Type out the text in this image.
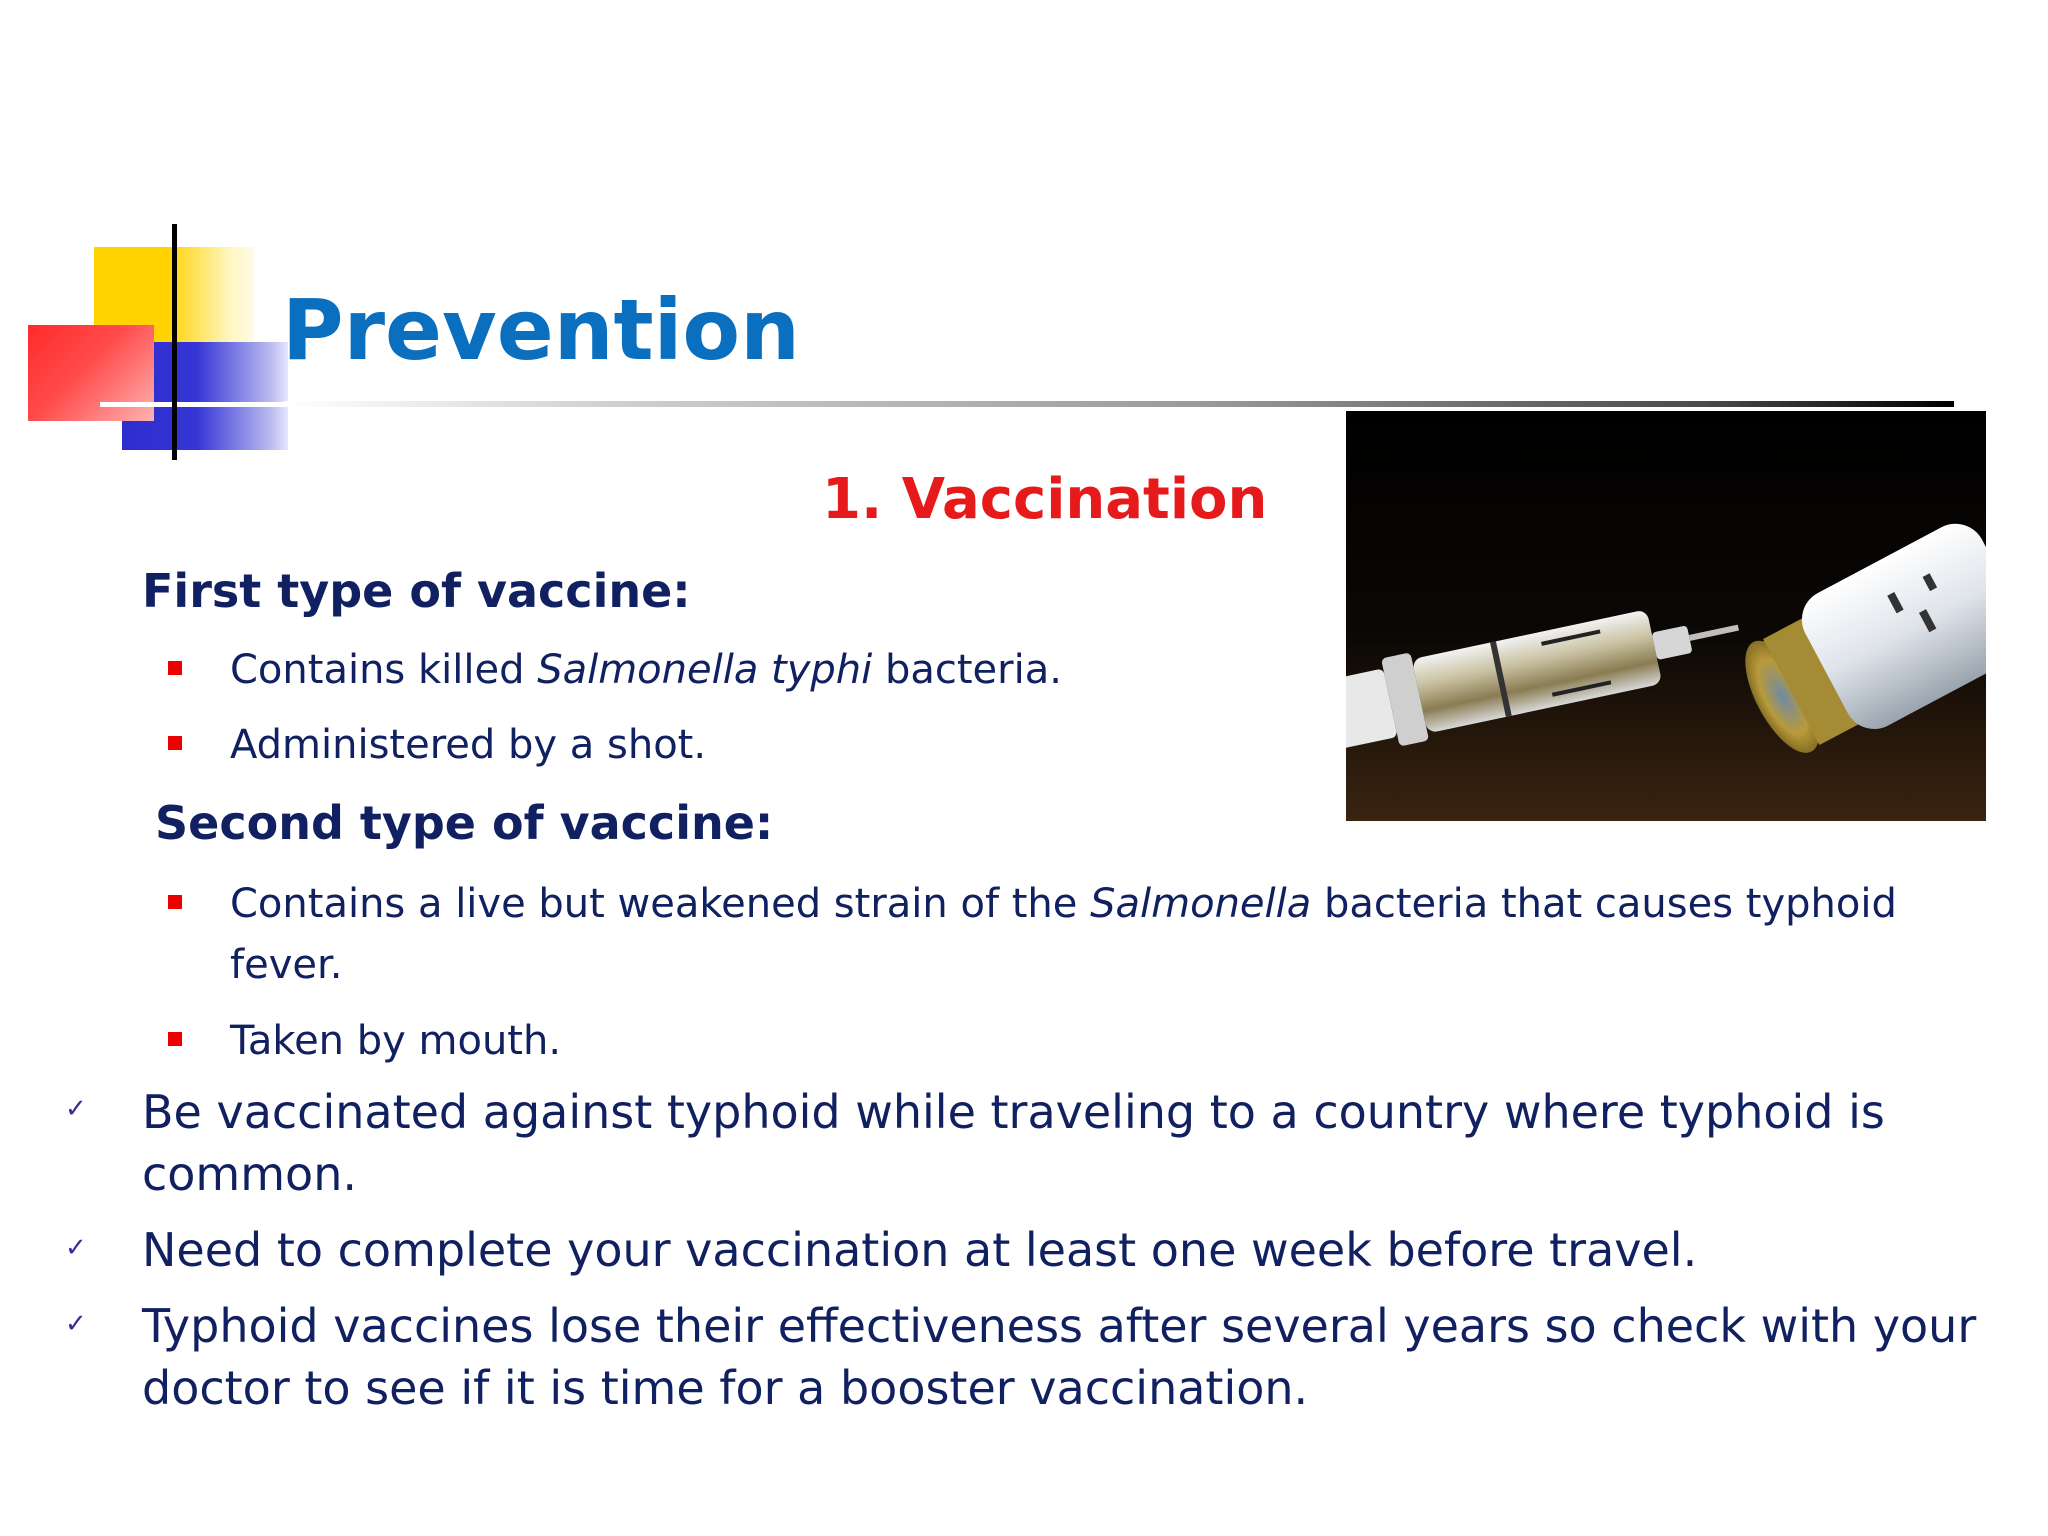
Prevention
1. Vaccination
First type of vaccine:

Contains killed Salmonella typhi bacteria.

Administered by a shot.

Second type of vaccine:

Contains a live but weakened strain of the Salmonella bacteria that causes typhoid fever.

Taken by mouth.

✓ Be vaccinated against typhoid while traveling to a country where typhoid is common.

✓ Need to complete your vaccination at least one week before travel.

✓ Typhoid vaccines lose their effectiveness after several years so check with your doctor to see if it is time for a booster vaccination.
